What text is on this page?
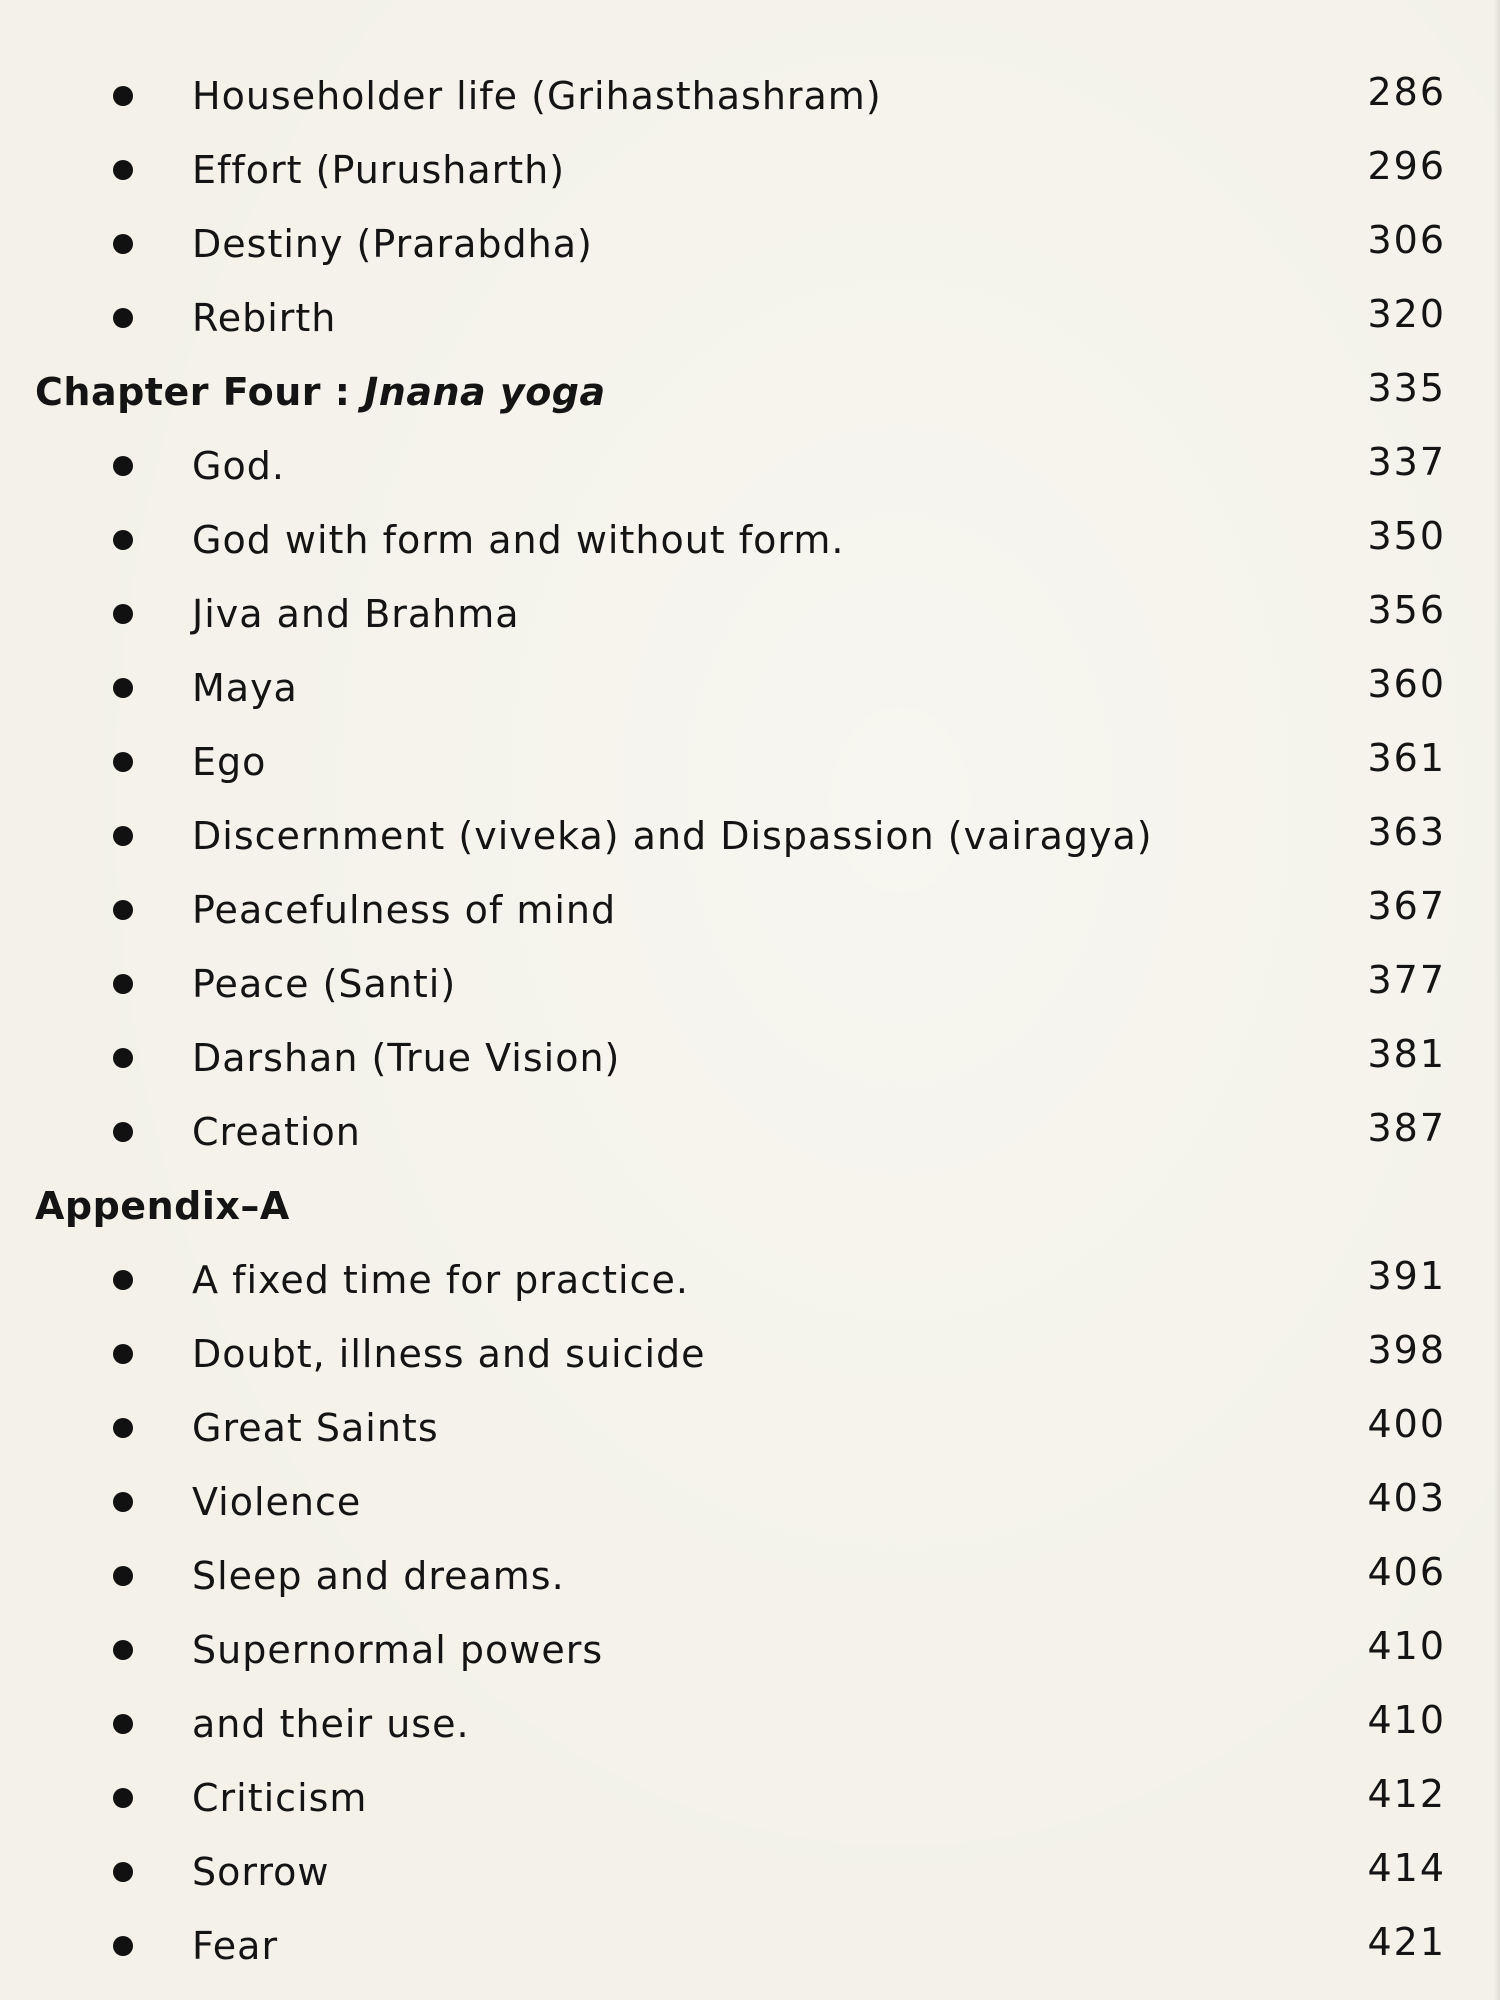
Householder life (Grihasthashram)	286
Effort (Purusharth)	296
Destiny (Prarabdha)	306
Rebirth	320
Chapter Four : Jnana yoga	335
God.	337
God with form and without form.	350
Jiva and Brahma	356
Maya	360
Ego	361
Discernment (viveka) and Dispassion (vairagya)	363
Peacefulness of mind	367
Peace (Santi)	377
Darshan (True Vision)	381
Creation	387
Appendix–A
A fixed time for practice.	391
Doubt, illness and suicide	398
Great Saints	400
Violence	403
Sleep and dreams.	406
Supernormal powers	410
and their use.	410
Criticism	412
Sorrow	414
Fear	421
